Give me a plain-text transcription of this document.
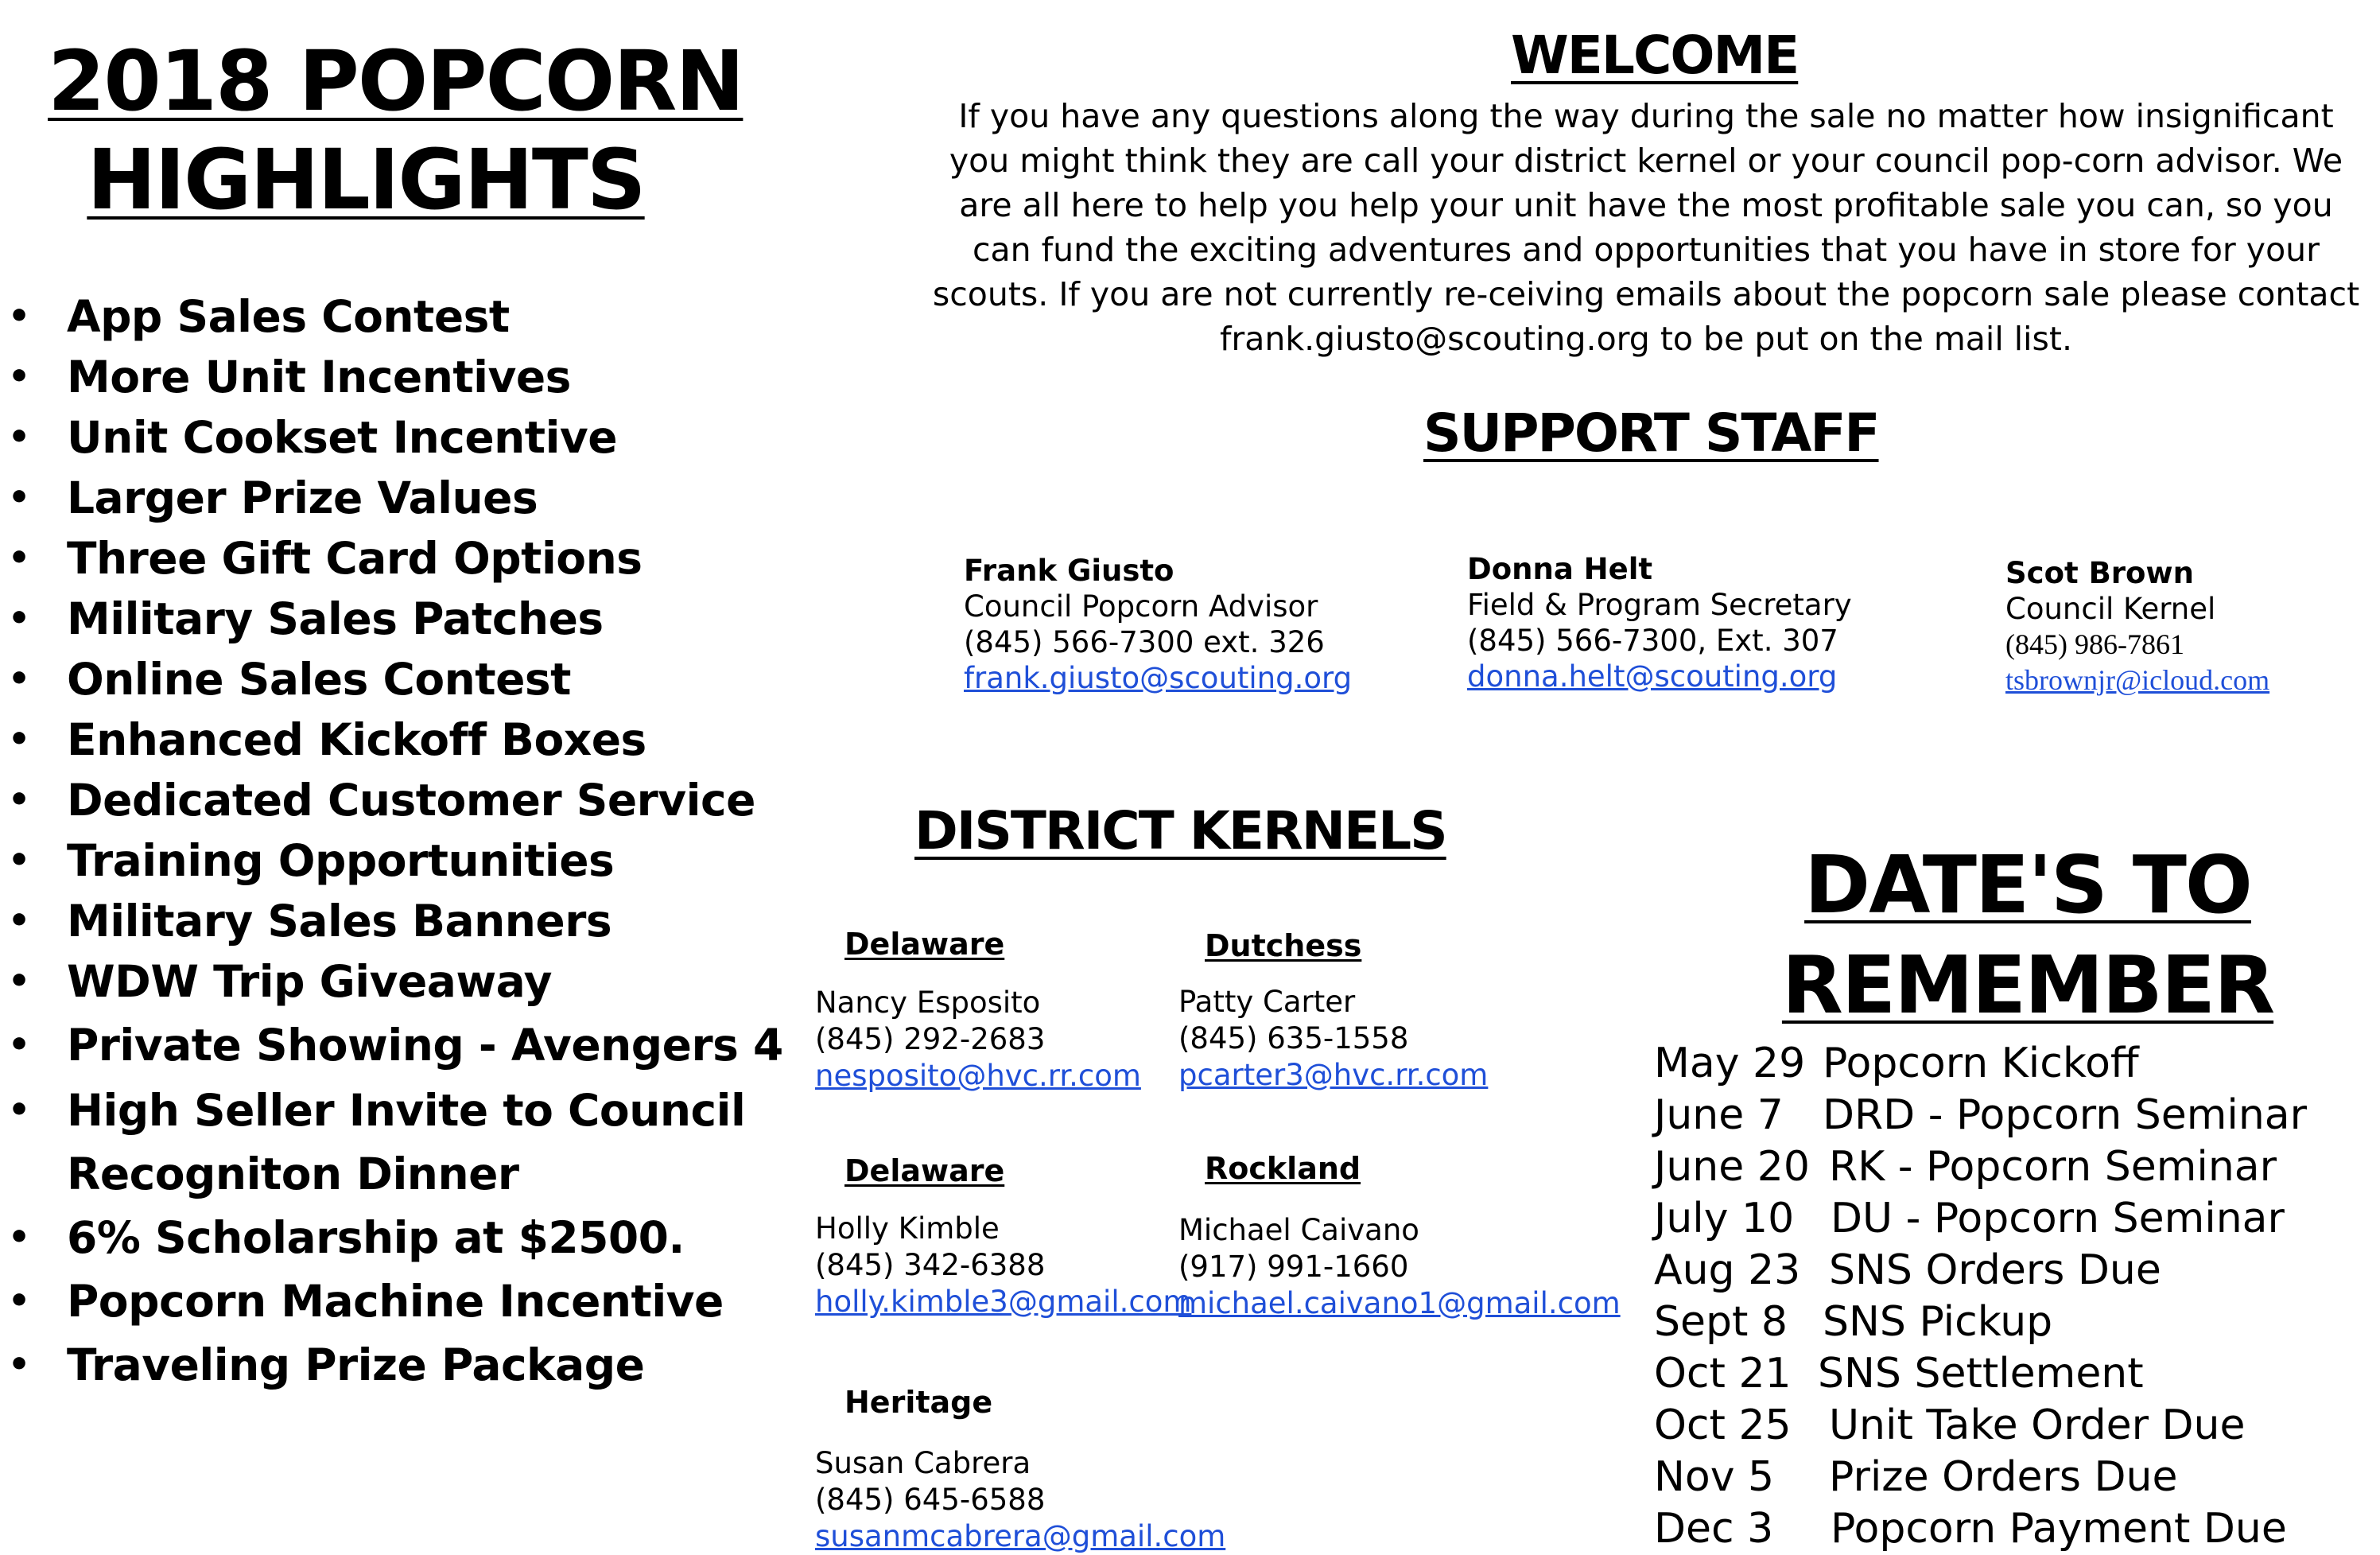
2018 POPCORN
HIGHLIGHTS
• App Sales Contest
• More Unit Incentives
• Unit Cookset Incentive
• Larger Prize Values
• Three Gift Card Options
• Military Sales Patches
• Online Sales Contest
• Enhanced Kickoff Boxes
• Dedicated Customer Service
• Training Opportunities
• Military Sales Banners
• WDW Trip Giveaway
• Private Showing - Avengers 4
• High Seller Invite to Council
Recogniton Dinner
• 6% Scholarship at $2500.
• Popcorn Machine Incentive
• Traveling Prize Package
WELCOME
If you have any questions along the way during the sale no matter how insignificant
you might think they are call your district kernel or your council pop-corn advisor. We
are all here to help you help your unit have the most profitable sale you can, so you
can fund the exciting adventures and opportunities that you have in store for your
scouts. If you are not currently re-ceiving emails about the popcorn sale please contact
frank.giusto@scouting.org to be put on the mail list.
SUPPORT STAFF
Frank Giusto
Council Popcorn Advisor
(845) 566-7300 ext. 326
frank.giusto@scouting.org
Donna Helt
Field & Program Secretary
(845) 566-7300, Ext. 307
donna.helt@scouting.org
Scot Brown
Council Kernel
(845) 986-7861
tsbrownjr@icloud.com
DISTRICT KERNELS
Delaware
Nancy Esposito
(845) 292-2683
nesposito@hvc.rr.com
Dutchess
Patty Carter
(845) 635-1558
pcarter3@hvc.rr.com
Delaware
Holly Kimble
(845) 342-6388
holly.kimble3@gmail.com
Rockland
Michael Caivano
(917) 991-1660
michael.caivano1@gmail.com
Heritage
Susan Cabrera
(845) 645-6588
susanmcabrera@gmail.com
DATE'S TO
REMEMBER
May 29 Popcorn Kickoff
June 7 DRD - Popcorn Seminar
June 20 RK - Popcorn Seminar
July 10 DU - Popcorn Seminar
Aug 23 SNS Orders Due
Sept 8 SNS Pickup
Oct 21 SNS Settlement
Oct 25 Unit Take Order Due
Nov 5 Prize Orders Due
Dec 3 Popcorn Payment Due
